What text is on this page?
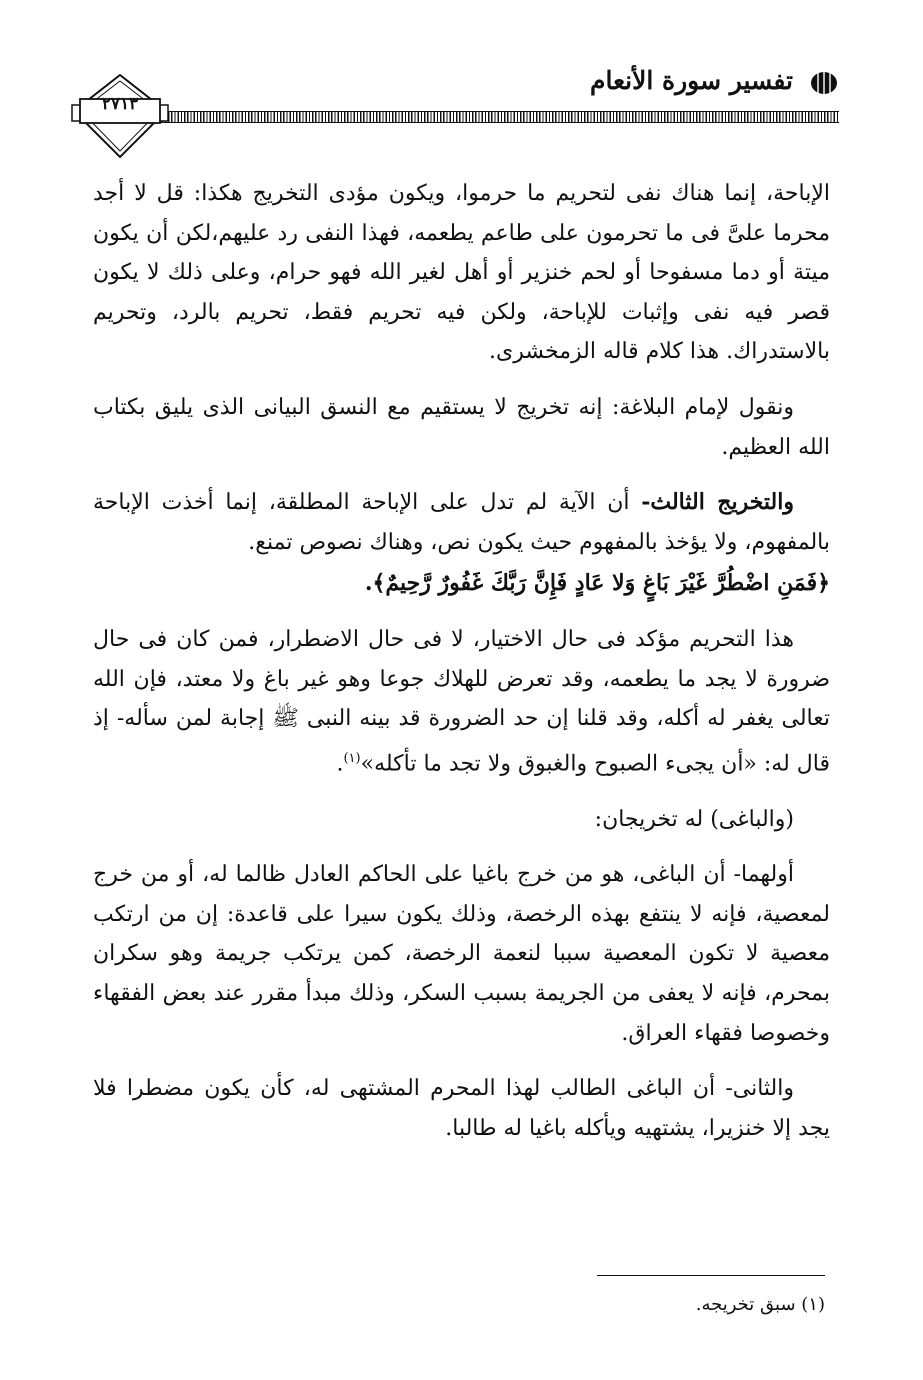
تفسير سورة الأنعام
٢٧١٣

الإباحة، إنما هناك نفى لتحريم ما حرموا، ويكون مؤدى التخريج هكذا: قل لا أجد محرما علىَّ فى ما تحرمون على طاعم يطعمه، فهذا النفى رد عليهم،لكن أن يكون ميتة أو دما مسفوحا أو لحم خنزير أو أهل لغير الله فهو حرام، وعلى ذلك لا يكون قصر فيه نفى وإثبات للإباحة، ولكن فيه تحريم فقط، تحريم بالرد، وتحريم بالاستدراك. هذا كلام قاله الزمخشرى.

ونقول لإمام البلاغة: إنه تخريج لا يستقيم مع النسق البيانى الذى يليق بكتاب الله العظيم.

والتخريج الثالث- أن الآية لم تدل على الإباحة المطلقة، إنما أخذت الإباحة بالمفهوم، ولا يؤخذ بالمفهوم حيث يكون نص، وهناك نصوص تمنع.

﴿فَمَنِ اضْطُرَّ غَيْرَ بَاغٍ وَلا عَادٍ فَإِنَّ رَبَّكَ غَفُورٌ رَّحِيمٌ﴾.

هذا التحريم مؤكد فى حال الاختيار، لا فى حال الاضطرار، فمن كان فى حال ضرورة لا يجد ما يطعمه، وقد تعرض للهلاك جوعا وهو غير باغ ولا معتد، فإن الله تعالى يغفر له أكله، وقد قلنا إن حد الضرورة قد بينه النبى ﷺ إجابة لمن سأله- إذ قال له: «أن يجىء الصبوح والغبوق ولا تجد ما تأكله»$^{(١)}$.

(والباغى) له تخريجان:

أولهما- أن الباغى، هو من خرج باغيا على الحاكم العادل ظالما له، أو من خرج لمعصية، فإنه لا ينتفع بهذه الرخصة، وذلك يكون سيرا على قاعدة: إن من ارتكب معصية لا تكون المعصية سببا لنعمة الرخصة، كمن يرتكب جريمة وهو سكران بمحرم، فإنه لا يعفى من الجريمة بسبب السكر، وذلك مبدأ مقرر عند بعض الفقهاء وخصوصا فقهاء العراق.

والثانى- أن الباغى الطالب لهذا المحرم المشتهى له، كأن يكون مضطرا فلا يجد إلا خنزيرا، يشتهيه ويأكله باغيا له طالبا.

(١) سبق تخريجه.
